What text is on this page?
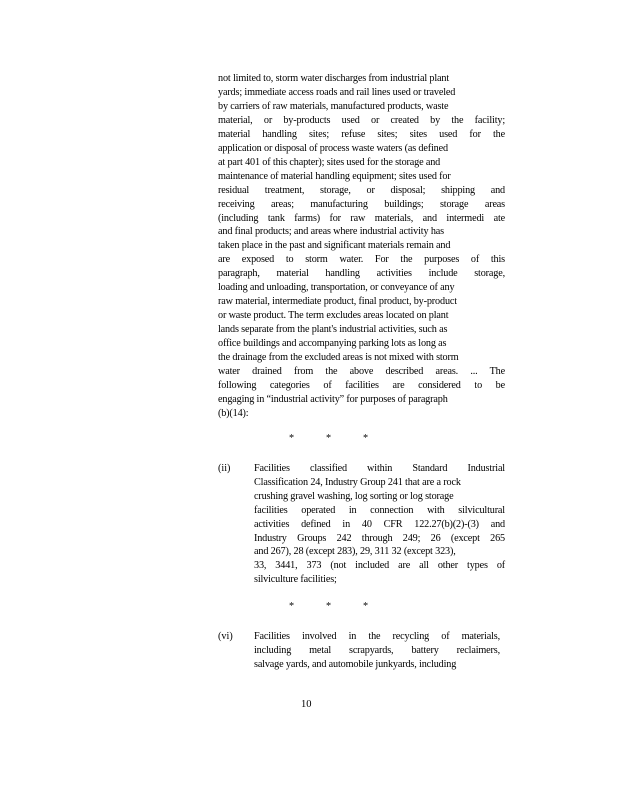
not limited to, storm water discharges from industrial plant
yards; immediate access roads and rail lines used or traveled
by carriers of raw materials, manufactured products, waste
material, or by-products used or created by the facility;
material handling sites; refuse sites; sites used for the
application or disposal of process waste waters (as defined
at part 401 of this chapter); sites used for the storage and
maintenance of material handling equipment; sites used for
residual treatment, storage, or disposal; shipping and
receiving areas; manufacturing buildings; storage areas
(including tank farms) for raw materials, and intermedi ate
and final products; and areas where industrial activity has
taken place in the past and significant materials remain and
are exposed to storm water. For the purposes of this
paragraph, material handling activities include storage,
loading and unloading, transportation, or conveyance of any
raw material, intermediate product, final product, by-product
or waste product. The term excludes areas located on plant
lands separate from the plant's industrial activities, such as
office buildings and accompanying parking lots as long as
the drainage from the excluded areas is not mixed with storm
water drained from the above described areas. ... The
following categories of facilities are considered to be
engaging in “industrial activity” for purposes of paragraph
(b)(14):
*	*	*
(ii) Facilities classified within Standard Industrial
Classification 24, Industry Group 241 that are a rock
crushing gravel washing, log sorting or log storage
facilities operated in connection with silvicultural
activities defined in 40 CFR 122.27(b)(2)-(3) and
Industry Groups 242 through 249; 26 (except 265
and 267), 28 (except 283), 29, 311 32 (except 323),
33, 3441, 373 (not included are all other types of
silviculture facilities;
*	*	*
(vi) Facilities involved in the recycling of materials,
including metal scrapyards, battery reclaimers,
salvage yards, and automobile junkyards, including
10
